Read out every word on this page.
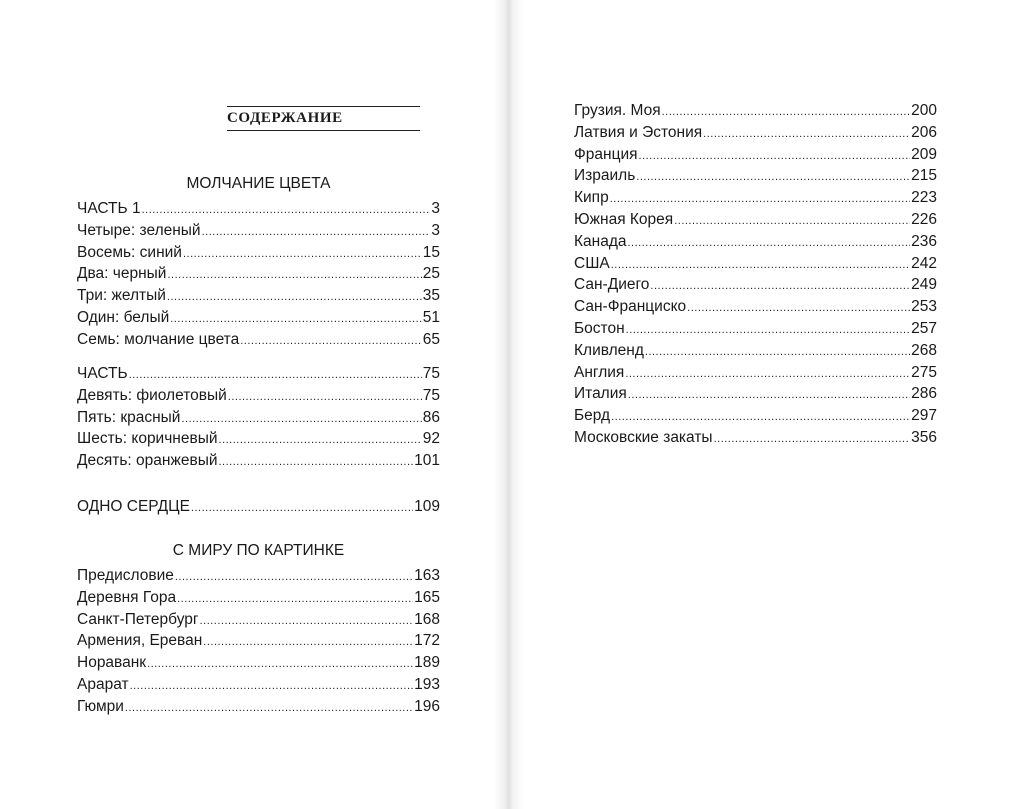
СОДЕРЖАНИЕ
МОЛЧАНИЕ ЦВЕТА
ЧАСТЬ 1 .....	3
Четыре: зеленый .....	3
Восемь: синий .....	15
Два: черный .....	25
Три: желтый .....	35
Один: белый .....	51
Семь: молчание цвета .....	65
ЧАСТЬ .....	75
Девять: фиолетовый .....	75
Пять: красный .....	86
Шесть: коричневый .....	92
Десять: оранжевый .....	101
ОДНО СЕРДЦЕ .....	109
С МИРУ ПО КАРТИНКЕ
Предисловие .....	163
Деревня Гора .....	165
Санкт-Петербург .....	168
Армения, Ереван .....	172
Нораванк .....	189
Арарат .....	193
Гюмри .....	196
Грузия. Моя .....	200
Латвия и Эстония .....	206
Франция .....	209
Израиль .....	215
Кипр .....	223
Южная Корея .....	226
Канада .....	236
США .....	242
Сан-Диего .....	249
Сан-Франциско .....	253
Бостон .....	257
Кливленд .....	268
Англия .....	275
Италия .....	286
Берд .....	297
Московские закаты .....	356
